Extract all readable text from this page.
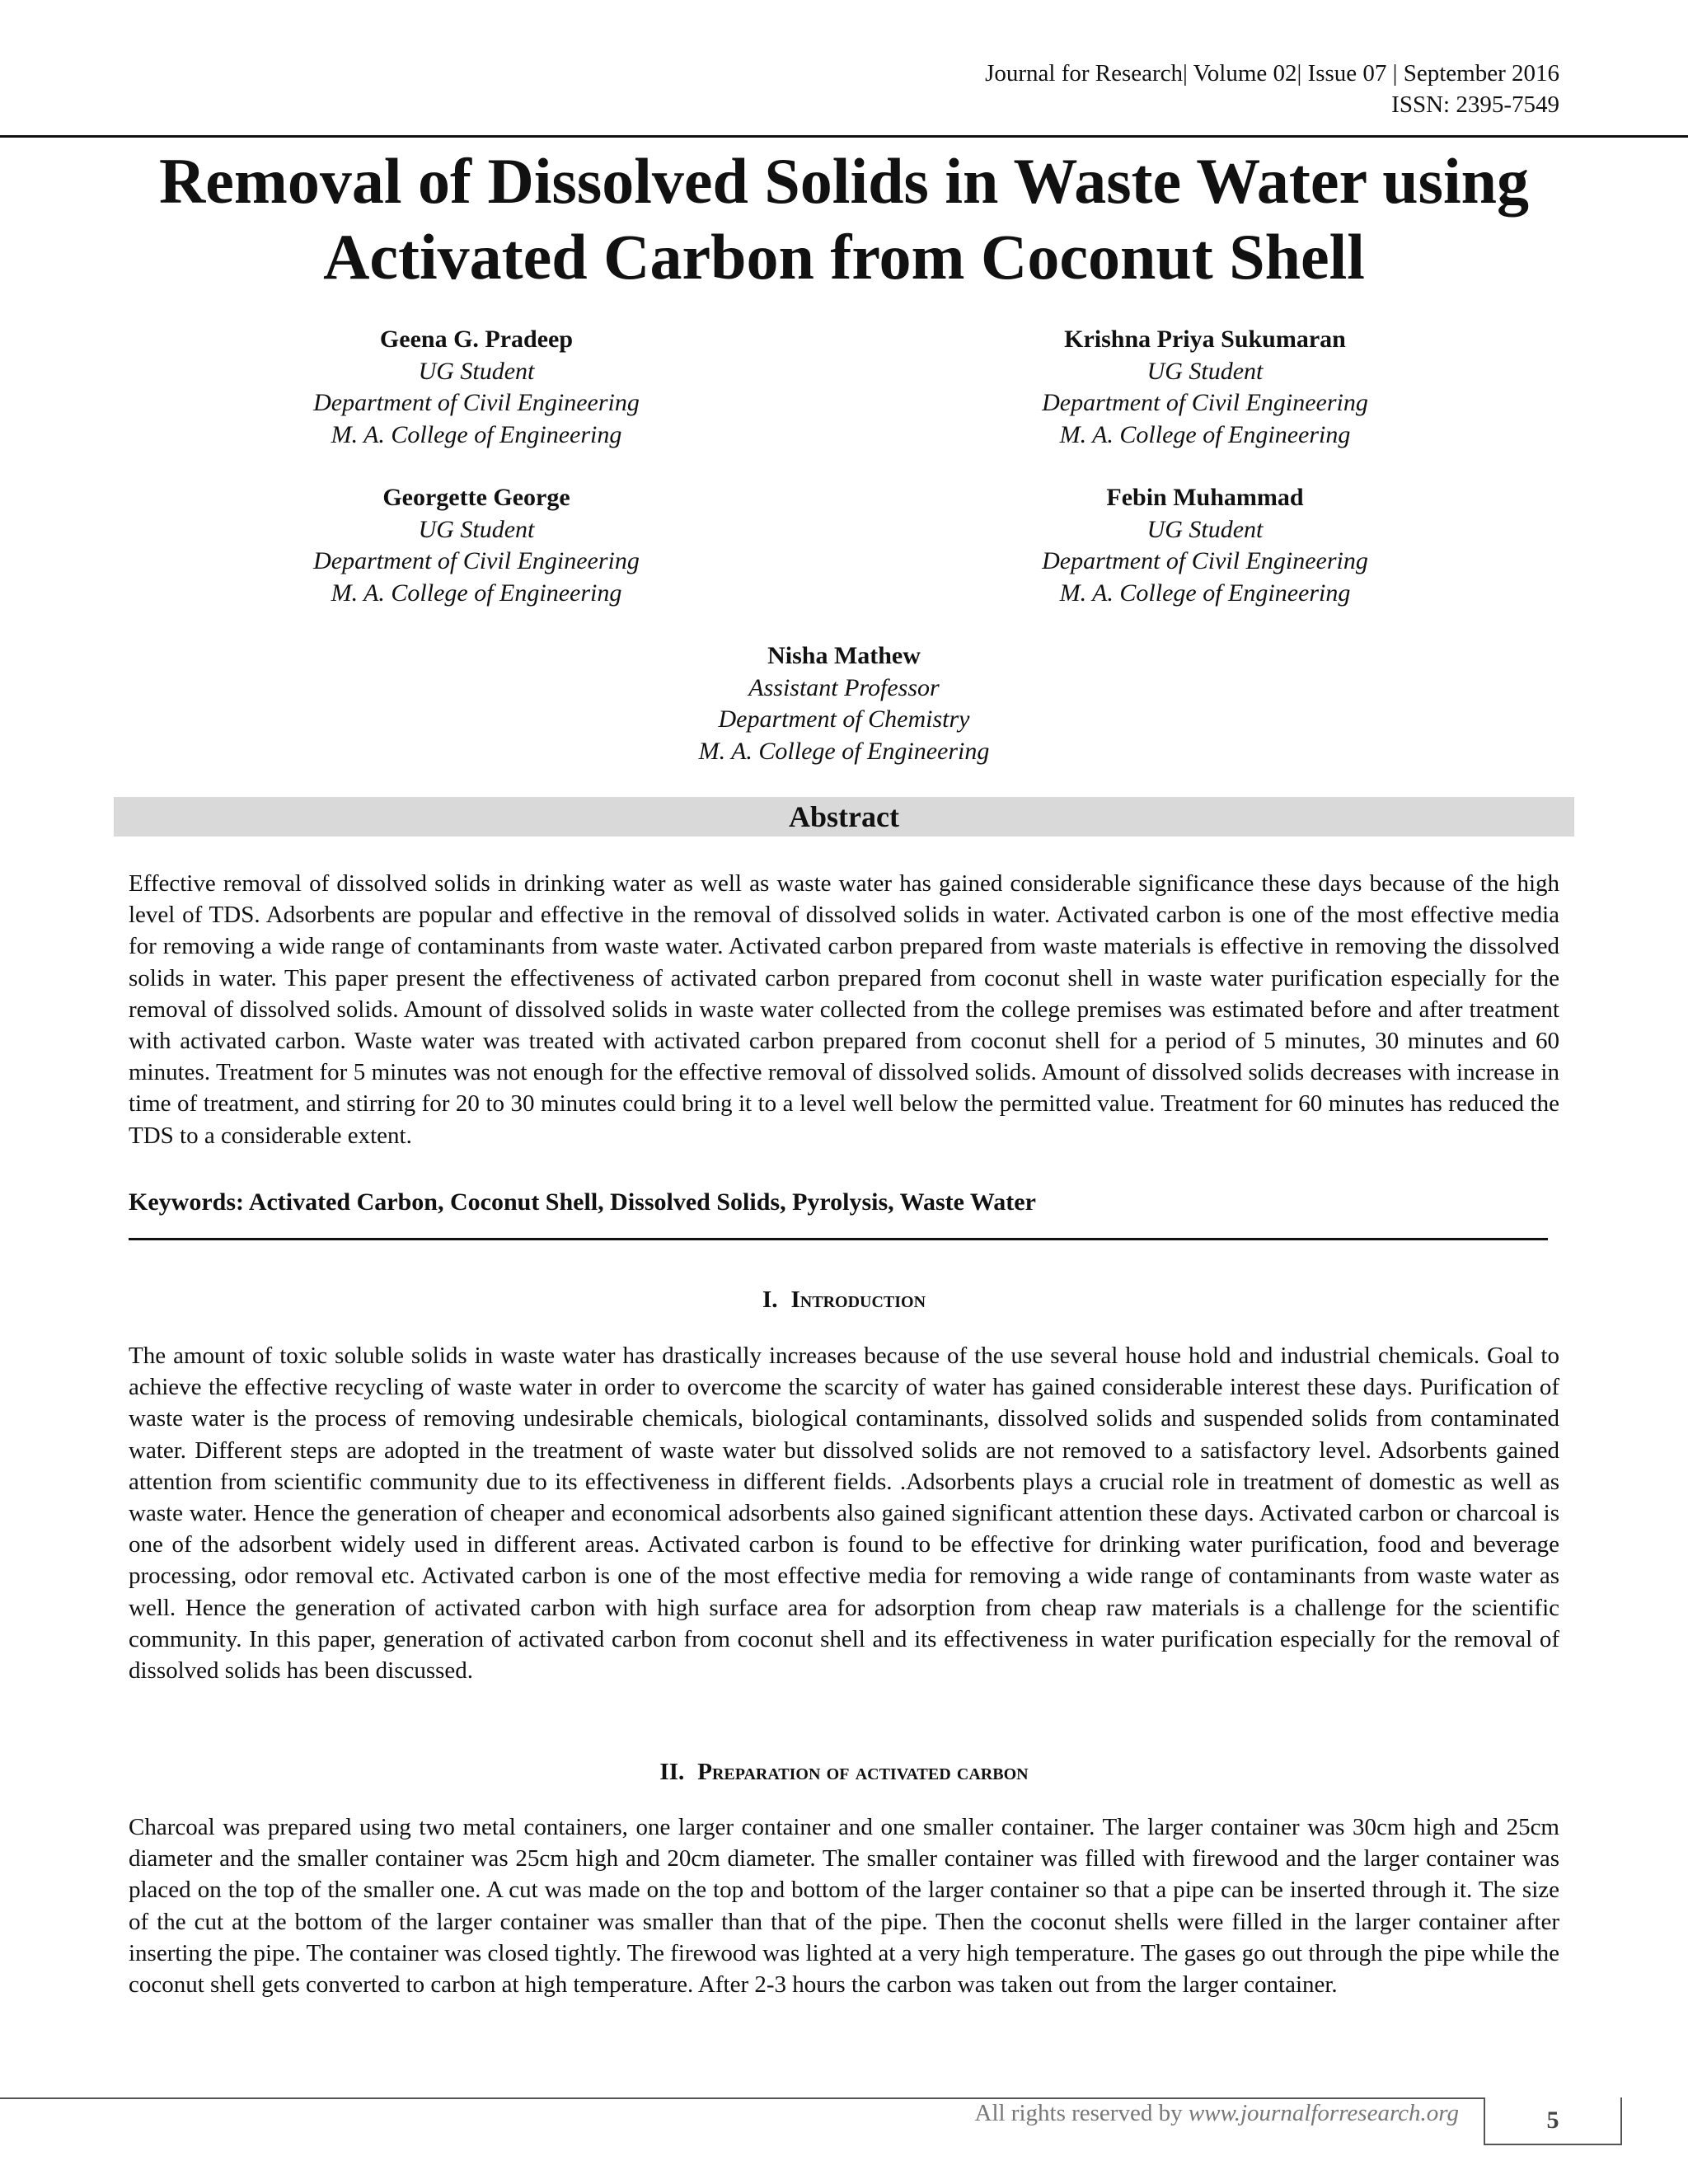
Journal for Research| Volume 02| Issue 07 | September 2016
ISSN: 2395-7549
Removal of Dissolved Solids in Waste Water using
Activated Carbon from Coconut Shell
Geena G. Pradeep
UG Student
Department of Civil Engineering
M. A. College of Engineering
Krishna Priya Sukumaran
UG Student
Department of Civil Engineering
M. A. College of Engineering
Georgette George
UG Student
Department of Civil Engineering
M. A. College of Engineering
Febin Muhammad
UG Student
Department of Civil Engineering
M. A. College of Engineering
Nisha Mathew
Assistant Professor
Department of Chemistry
M. A. College of Engineering
Abstract

Effective removal of dissolved solids in drinking water as well as waste water has gained considerable significance these days because of the high level of TDS. Adsorbents are popular and effective in the removal of dissolved solids in water. Activated carbon is one of the most effective media for removing a wide range of contaminants from waste water. Activated carbon prepared from waste materials is effective in removing the dissolved solids in water. This paper present the effectiveness of activated carbon prepared from coconut shell in waste water purification especially for the removal of dissolved solids. Amount of dissolved solids in waste water collected from the college premises was estimated before and after treatment with activated carbon. Waste water was treated with activated carbon prepared from coconut shell for a period of 5 minutes, 30 minutes and 60 minutes. Treatment for 5 minutes was not enough for the effective removal of dissolved solids. Amount of dissolved solids decreases with increase in time of treatment, and stirring for 20 to 30 minutes could bring it to a level well below the permitted value. Treatment for 60 minutes has reduced the TDS to a considerable extent.

Keywords: Activated Carbon, Coconut Shell, Dissolved Solids, Pyrolysis, Waste Water
I. Introduction

The amount of toxic soluble solids in waste water has drastically increases because of the use several house hold and industrial chemicals. Goal to achieve the effective recycling of waste water in order to overcome the scarcity of water has gained considerable interest these days. Purification of waste water is the process of removing undesirable chemicals, biological contaminants, dissolved solids and suspended solids from contaminated water. Different steps are adopted in the treatment of waste water but dissolved solids are not removed to a satisfactory level. Adsorbents gained attention from scientific community due to its effectiveness in different fields. .Adsorbents plays a crucial role in treatment of domestic as well as waste water. Hence the generation of cheaper and economical adsorbents also gained significant attention these days. Activated carbon or charcoal is one of the adsorbent widely used in different areas. Activated carbon is found to be effective for drinking water purification, food and beverage processing, odor removal etc. Activated carbon is one of the most effective media for removing a wide range of contaminants from waste water as well. Hence the generation of activated carbon with high surface area for adsorption from cheap raw materials is a challenge for the scientific community. In this paper, generation of activated carbon from coconut shell and its effectiveness in water purification especially for the removal of dissolved solids has been discussed.

II. Preparation of activated carbon

Charcoal was prepared using two metal containers, one larger container and one smaller container. The larger container was 30cm high and 25cm diameter and the smaller container was 25cm high and 20cm diameter. The smaller container was filled with firewood and the larger container was placed on the top of the smaller one. A cut was made on the top and bottom of the larger container so that a pipe can be inserted through it. The size of the cut at the bottom of the larger container was smaller than that of the pipe. Then the coconut shells were filled in the larger container after inserting the pipe. The container was closed tightly. The firewood was lighted at a very high temperature. The gases go out through the pipe while the coconut shell gets converted to carbon at high temperature. After 2-3 hours the carbon was taken out from the larger container.

All rights reserved by www.journalforresearch.org	5
